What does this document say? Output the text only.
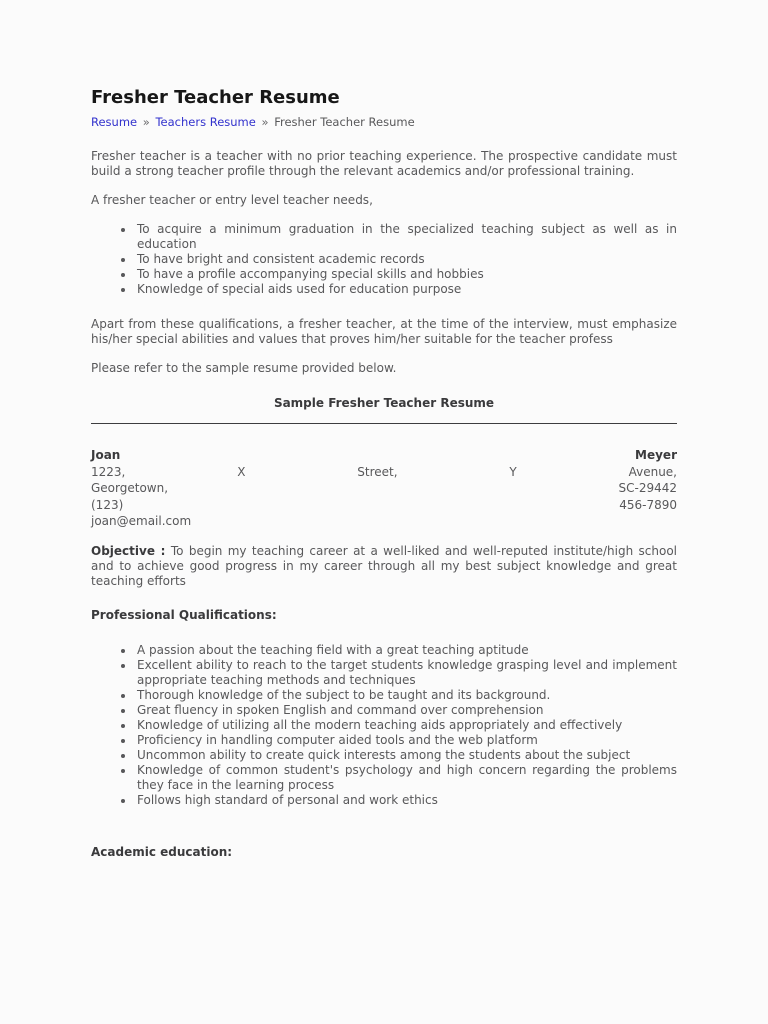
Fresher Teacher Resume
Resume » Teachers Resume » Fresher Teacher Resume

Fresher teacher is a teacher with no prior teaching experience. The prospective candidate must build a strong teacher profile through the relevant academics and/or professional training.

A fresher teacher or entry level teacher needs,

• To acquire a minimum graduation in the specialized teaching subject as well as in education
• To have bright and consistent academic records
• To have a profile accompanying special skills and hobbies
• Knowledge of special aids used for education purpose

Apart from these qualifications, a fresher teacher, at the time of the interview, must emphasize his/her special abilities and values that proves him/her suitable for the teacher profess

Please refer to the sample resume provided below.

Sample Fresher Teacher Resume
Joan	Meyer
1223,	X	Street,	Y	Avenue,
Georgetown,	SC-29442
(123)	456-7890
joan@email.com

Objective : To begin my teaching career at a well-liked and well-reputed institute/high school and to achieve good progress in my career through all my best subject knowledge and great teaching efforts

Professional Qualifications:
• A passion about the teaching field with a great teaching aptitude
• Excellent ability to reach to the target students knowledge grasping level and implement appropriate teaching methods and techniques
• Thorough knowledge of the subject to be taught and its background.
• Great fluency in spoken English and command over comprehension
• Knowledge of utilizing all the modern teaching aids appropriately and effectively
• Proficiency in handling computer aided tools and the web platform
• Uncommon ability to create quick interests among the students about the subject
• Knowledge of common student's psychology and high concern regarding the problems they face in the learning process
• Follows high standard of personal and work ethics
Academic education:
